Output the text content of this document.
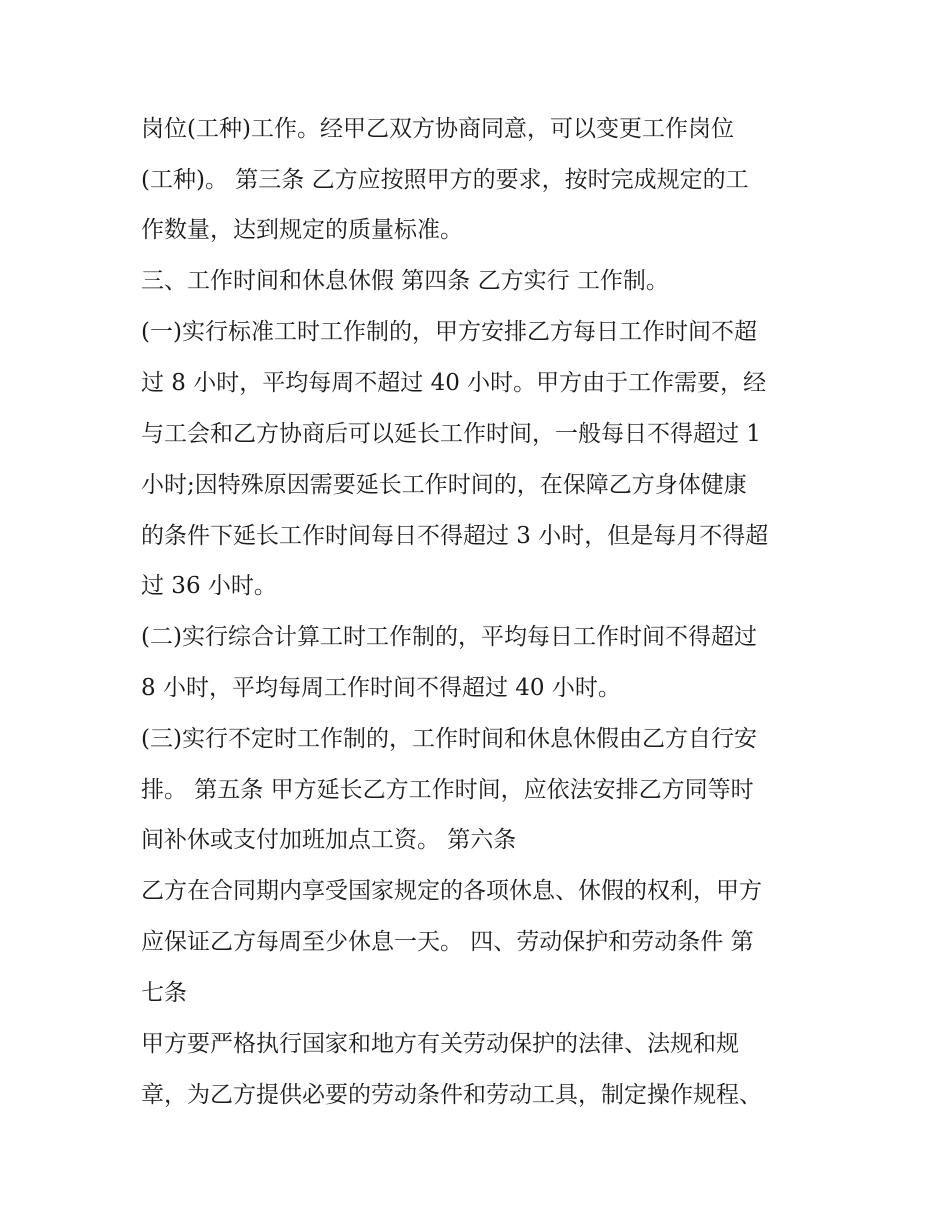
岗位(工种)工作。经甲乙双方协商同意，可以变更工作岗位
(工种)。 第三条 乙方应按照甲方的要求，按时完成规定的工
作数量，达到规定的质量标准。
三、工作时间和休息休假 第四条 乙方实行 工作制。
(一)实行标准工时工作制的，甲方安排乙方每日工作时间不超
过 8 小时，平均每周不超过 40 小时。甲方由于工作需要，经
与工会和乙方协商后可以延长工作时间，一般每日不得超过 1
小时;因特殊原因需要延长工作时间的，在保障乙方身体健康
的条件下延长工作时间每日不得超过 3 小时，但是每月不得超
过 36 小时。
(二)实行综合计算工时工作制的，平均每日工作时间不得超过
8 小时，平均每周工作时间不得超过 40 小时。
(三)实行不定时工作制的，工作时间和休息休假由乙方自行安
排。 第五条 甲方延长乙方工作时间，应依法安排乙方同等时
间补休或支付加班加点工资。 第六条
乙方在合同期内享受国家规定的各项休息、休假的权利，甲方
应保证乙方每周至少休息一天。 四、劳动保护和劳动条件 第
七条
甲方要严格执行国家和地方有关劳动保护的法律、法规和规
章，为乙方提供必要的劳动条件和劳动工具，制定操作规程、
